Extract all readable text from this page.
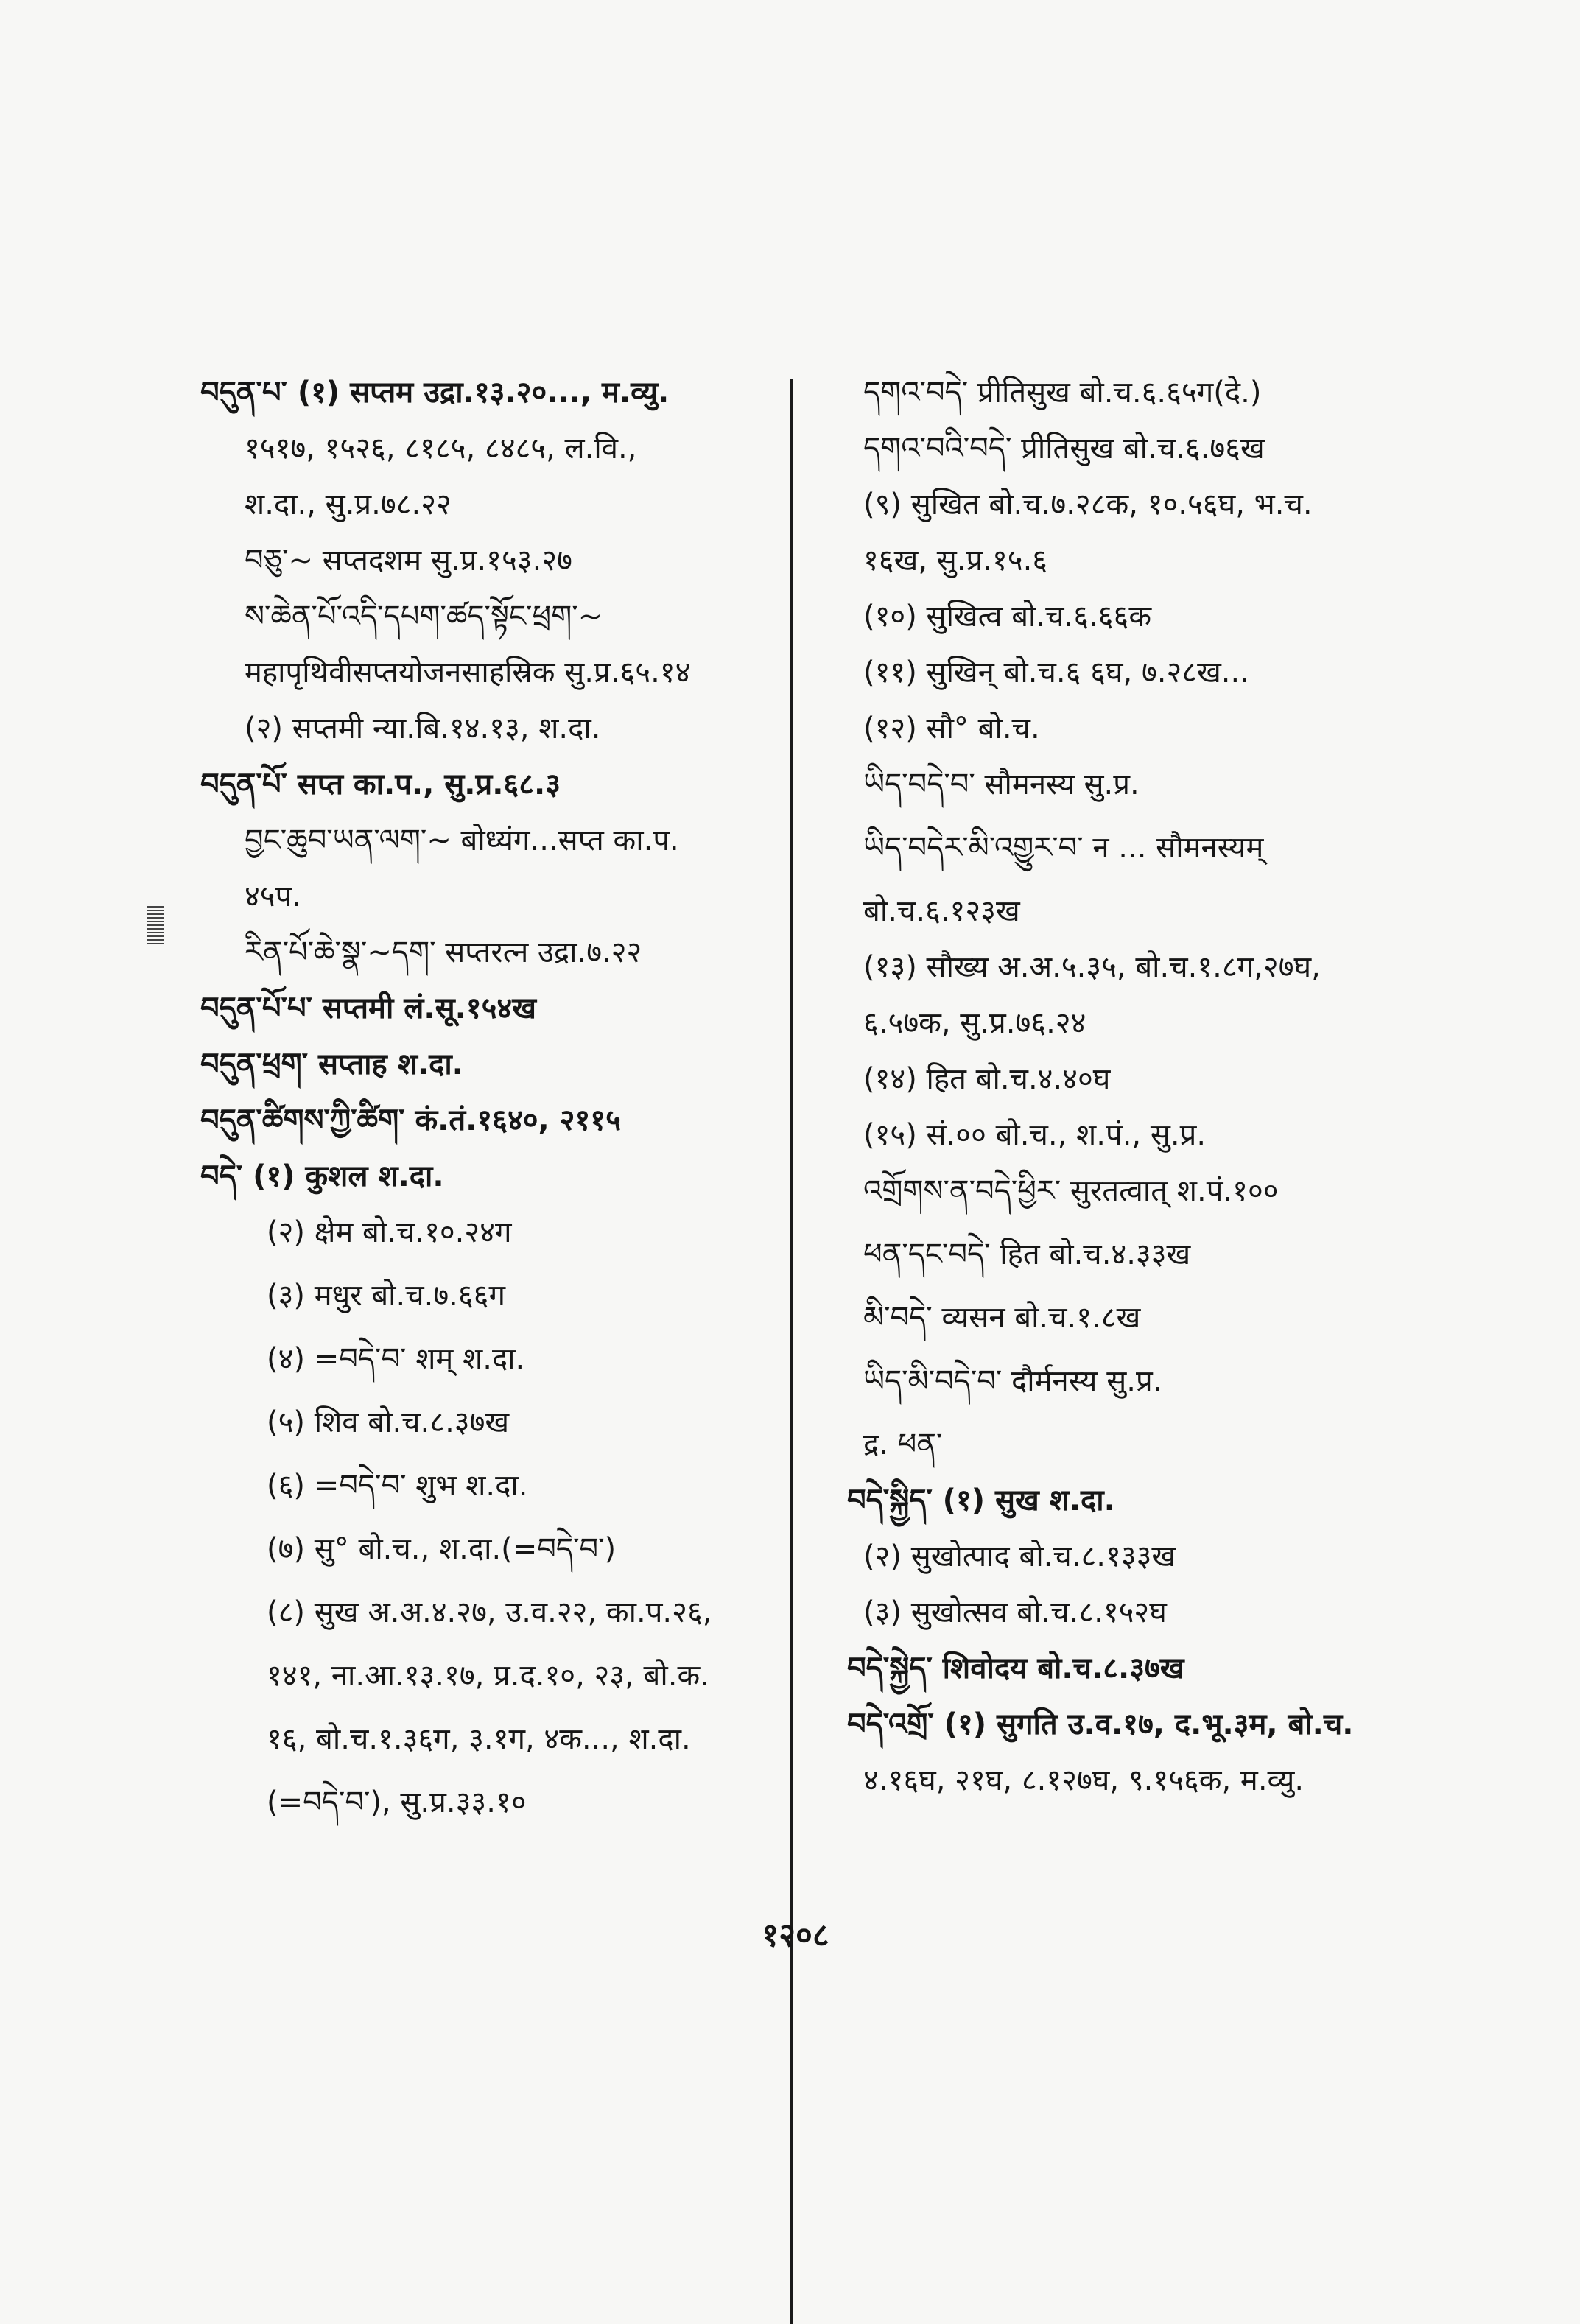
བདུན་པ་ (१) सप्तम उद्रा.१३.२०..., म.व्यु.
१५१७, १५२६, ८१८५, ८४८५, ल.वि.,
श.दा., सु.प्र.७८.२२
བཅུ་~ सप्तदशम सु.प्र.१५३.२७
ས་ཆེན་པོ་འདི་དཔག་ཚད་སྟོང་ཕྲག་~
महापृथिवीसप्तयोजनसाहस्रिक सु.प्र.६५.१४
(२) सप्तमी न्या.बि.१४.१३, श.दा.
བདུན་པོ་ सप्त का.प., सु.प्र.६८.३
བྱང་ཆུབ་ཡན་ལག་~ बोध्यंग...सप्त का.प.
४५प.
རིན་པོ་ཆེ་སྣ་~དག་ सप्तरत्न उद्रा.७.२२
བདུན་པོ་པ་ सप्तमी लं.सू.१५४ख
བདུན་ཕྲག་ सप्ताह श.दा.
བདུན་ཚིགས་ཀྱི་ཚིག་ कं.तं.१६४०, २११५
བདེ་ (१) कुशल श.दा.
(२) क्षेम बो.च.१०.२४ग
(३) मधुर बो.च.७.६६ग
(४) =བདེ་བ་ शम् श.दा.
(५) शिव बो.च.८.३७ख
(६) =བདེ་བ་ शुभ श.दा.
(७) सु° बो.च., श.दा.(=བདེ་བ་)
(८) सुख अ.अ.४.२७, उ.व.२२, का.प.२६,
१४१, ना.आ.१३.१७, प्र.द.१०, २३, बो.क.
१६, बो.च.१.३६ग, ३.१ग, ४क..., श.दा.
(=བདེ་བ་), सु.प्र.३३.१०
དགའ་བདེ་ प्रीतिसुख बो.च.६.६५ग(दे.)
དགའ་བའི་བདེ་ प्रीतिसुख बो.च.६.७६ख
(९) सुखित बो.च.७.२८क, १०.५६घ, भ.च.
१६ख, सु.प्र.१५.६
(१०) सुखित्व बो.च.६.६६क
(११) सुखिन् बो.च.६ ६घ, ७.२८ख...
(१२) सौ° बो.च.
ཡིད་བདེ་བ་ सौमनस्य सु.प्र.
ཡིད་བདེར་མི་འགྱུར་བ་ न ... सौमनस्यम्
बो.च.६.१२३ख
(१३) सौख्य अ.अ.५.३५, बो.च.१.८ग,२७घ,
६.५७क, सु.प्र.७६.२४
(१४) हित बो.च.४.४०घ
(१५) सं.०० बो.च., श.पं., सु.प्र.
འགྲོགས་ན་བདེ་ཕྱིར་ सुरतत्वात् श.पं.१००
ཕན་དང་བདེ་ हित बो.च.४.३३ख
མི་བདེ་ व्यसन बो.च.१.८ख
ཡིད་མི་བདེ་བ་ दौर्मनस्य सु.प्र.
द्र. ཕན་
བདེ་སྐྱིད་ (१) सुख श.दा.
(२) सुखोत्पाद बो.च.८.१३३ख
(३) सुखोत्सव बो.च.८.१५२घ
བདེ་སྐྱེད་ शिवोदय बो.च.८.३७ख
བདེ་འགྲོ་ (१) सुगति उ.व.१७, द.भू.३म, बो.च.
४.१६घ, २१घ, ८.१२७घ, ९.१५६क, म.व्यु.
१२०८
